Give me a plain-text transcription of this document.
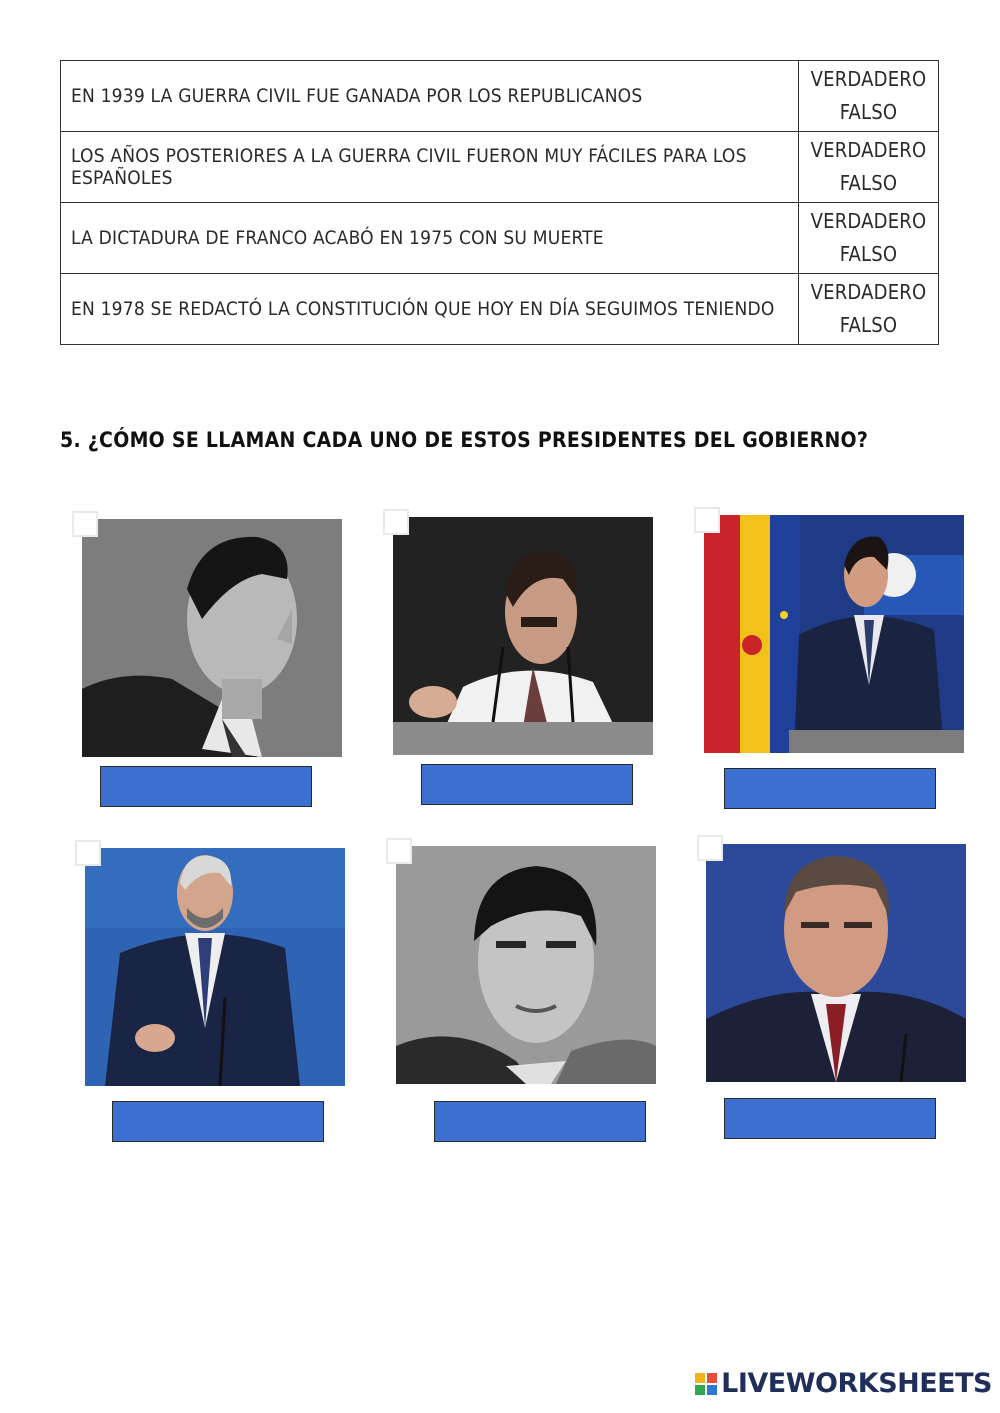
EN 1939 LA GUERRA CIVIL FUE GANADA POR LOS REPUBLICANOS	VERDADERO
FALSO

LOS AÑOS POSTERIORES A LA GUERRA CIVIL FUERON MUY FÁCILES PARA LOS ESPAÑOLES	VERDADERO
FALSO

LA DICTADURA DE FRANCO ACABÓ EN 1975 CON SU MUERTE	VERDADERO
FALSO

EN 1978 SE REDACTÓ LA CONSTITUCIÓN QUE HOY EN DÍA SEGUIMOS TENIENDO	VERDADERO
FALSO
5. ¿CÓMO SE LLAMAN CADA UNO DE ESTOS PRESIDENTES DEL GOBIERNO?
LIVEWORKSHEETS
